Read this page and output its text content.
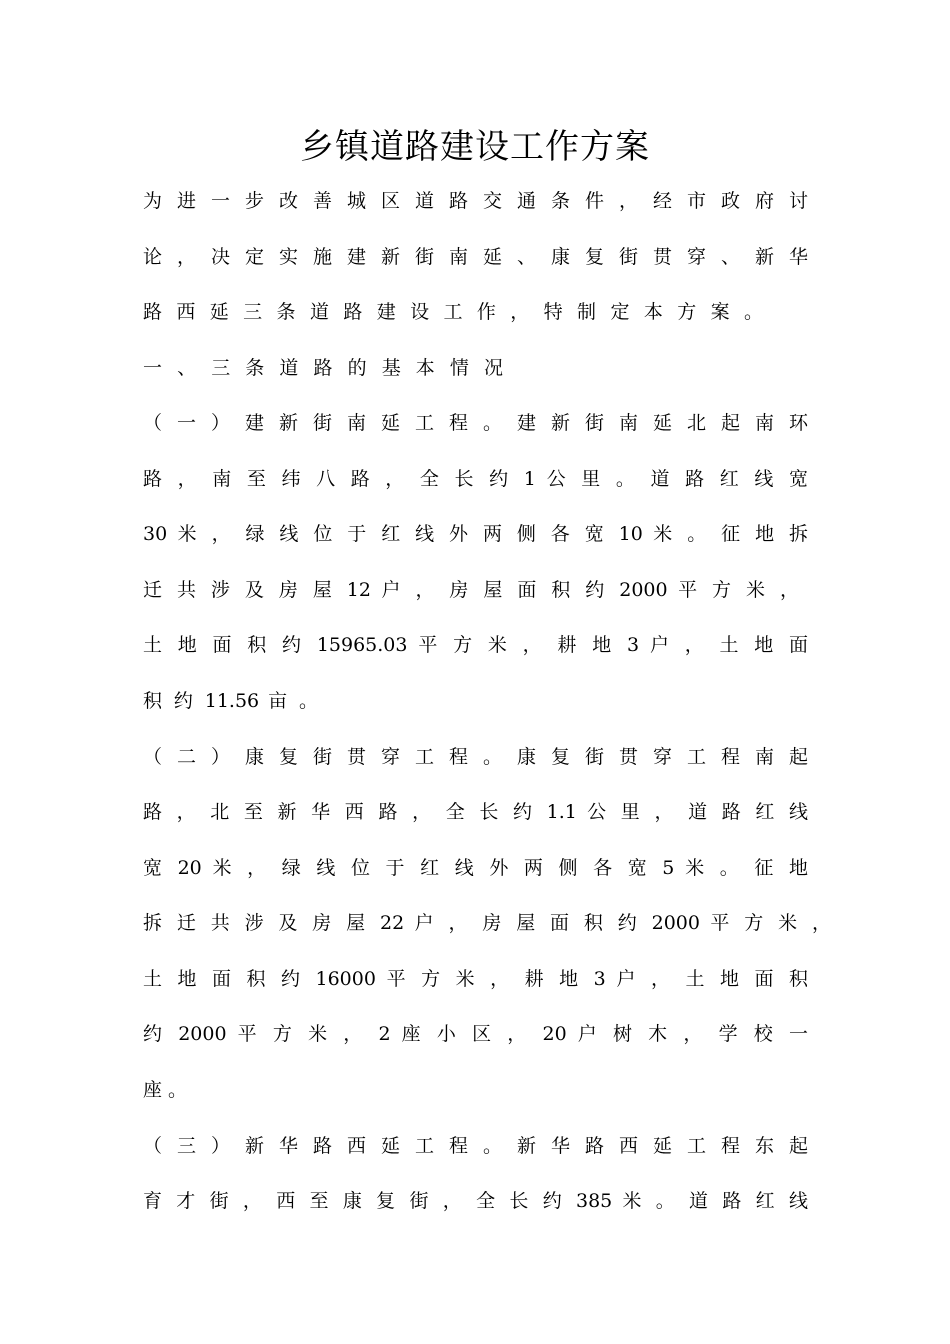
乡镇道路建设工作方案
为 进 一 步 改 善 城 区 道 路 交 通 条 件 ， 经 市 政 府 讨
论 ， 决 定 实 施 建 新 街 南 延 、 康 复 街 贯 穿 、 新 华
路 西 延 三 条 道 路 建 设 工 作 ， 特 制 定 本 方 案 。
一 、 三 条 道 路 的 基 本 情 况
（ 一 ） 建 新 街 南 延 工 程 。 建 新 街 南 延 北 起 南 环
路 ， 南 至 纬 八 路 ， 全 长 约 1 公 里 。 道 路 红 线 宽
30 米 ， 绿 线 位 于 红 线 外 两 侧 各 宽 10 米 。 征 地 拆
迁 共 涉 及 房 屋 12 户 ， 房 屋 面 积 约 2000 平 方 米 ，
土 地 面 积 约 15965.03 平 方 米 ， 耕 地 3 户 ， 土 地 面
积 约 11.56 亩 。
（ 二 ） 康 复 街 贯 穿 工 程 。 康 复 街 贯 穿 工 程 南 起
路 ， 北 至 新 华 西 路 ， 全 长 约 1.1 公 里 ， 道 路 红 线
宽 20 米 ， 绿 线 位 于 红 线 外 两 侧 各 宽 5 米 。 征 地
拆 迁 共 涉 及 房 屋 22 户 ， 房 屋 面 积 约 2000 平 方 米 ，
土 地 面 积 约 16000 平 方 米 ， 耕 地 3 户 ， 土 地 面 积
约 2000 平 方 米 ， 2 座 小 区 ， 20 户 树 木 ， 学 校 一
座 。
（ 三 ） 新 华 路 西 延 工 程 。 新 华 路 西 延 工 程 东 起
育 才 街 ， 西 至 康 复 街 ， 全 长 约 385 米 。 道 路 红 线
